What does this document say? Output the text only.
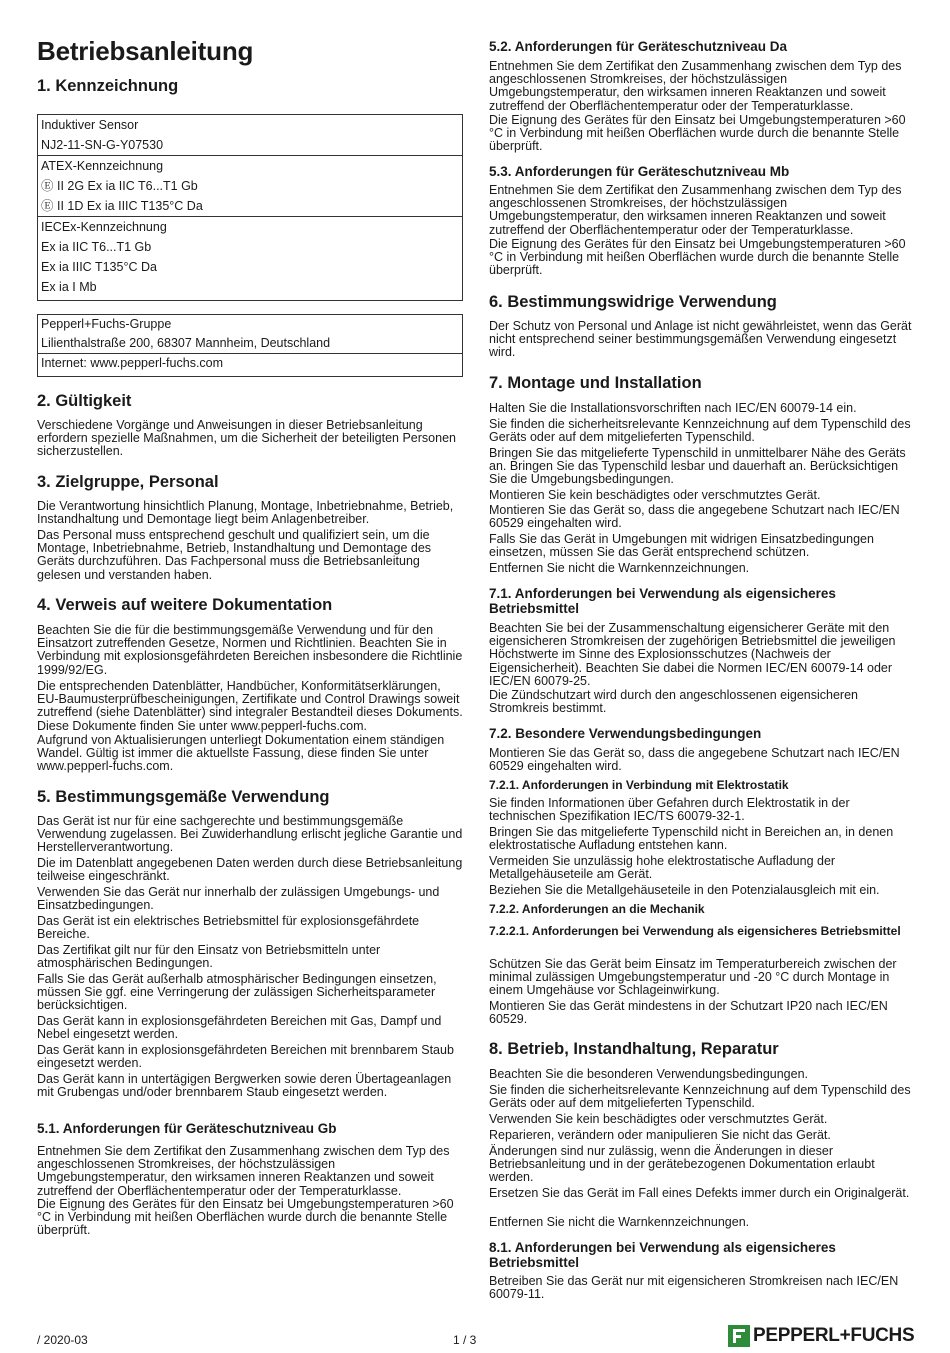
Betriebsanleitung
1. Kennzeichnung
Induktiver Sensor
NJ2-11-SN-G-Y07530
ATEX-Kennzeichnung
Ⓔ II 2G Ex ia IIC T6...T1 Gb
Ⓔ II 1D Ex ia IIIC T135°C Da
IECEx-Kennzeichnung
Ex ia IIC T6...T1 Gb
Ex ia IIIC T135°C Da
Ex ia I Mb
Pepperl+Fuchs-Gruppe
Lilienthalstraße 200, 68307 Mannheim, Deutschland
Internet: www.pepperl-fuchs.com
2. Gültigkeit

Verschiedene Vorgänge und Anweisungen in dieser Betriebsanleitung erfordern spezielle Maßnahmen, um die Sicherheit der beteiligten Personen sicherzustellen.

3. Zielgruppe, Personal

Die Verantwortung hinsichtlich Planung, Montage, Inbetriebnahme, Betrieb, Instandhaltung und Demontage liegt beim Anlagenbetreiber.

Das Personal muss entsprechend geschult und qualifiziert sein, um die Montage, Inbetriebnahme, Betrieb, Instandhaltung und Demontage des Geräts durchzuführen. Das Fachpersonal muss die Betriebsanleitung gelesen und verstanden haben.

4. Verweis auf weitere Dokumentation

Beachten Sie die für die bestimmungsgemäße Verwendung und für den Einsatzort zutreffenden Gesetze, Normen und Richtlinien. Beachten Sie in Verbindung mit explosionsgefährdeten Bereichen insbesondere die Richtlinie 1999/92/EG.

Die entsprechenden Datenblätter, Handbücher, Konformitätserklärungen, EU-Baumusterprüfbescheinigungen, Zertifikate und Control Drawings soweit zutreffend (siehe Datenblätter) sind integraler Bestandteil dieses Dokuments. Diese Dokumente finden Sie unter www.pepperl-fuchs.com.

Aufgrund von Aktualisierungen unterliegt Dokumentation einem ständigen Wandel. Gültig ist immer die aktuellste Fassung, diese finden Sie unter www.pepperl-fuchs.com.

5. Bestimmungsgemäße Verwendung

Das Gerät ist nur für eine sachgerechte und bestimmungsgemäße Verwendung zugelassen. Bei Zuwiderhandlung erlischt jegliche Garantie und Herstellerverantwortung.

Die im Datenblatt angegebenen Daten werden durch diese Betriebsanleitung teilweise eingeschränkt.

Verwenden Sie das Gerät nur innerhalb der zulässigen Umgebungs- und Einsatzbedingungen.

Das Gerät ist ein elektrisches Betriebsmittel für explosionsgefährdete Bereiche.

Das Zertifikat gilt nur für den Einsatz von Betriebsmitteln unter atmosphärischen Bedingungen.

Falls Sie das Gerät außerhalb atmosphärischer Bedingungen einsetzen, müssen Sie ggf. eine Verringerung der zulässigen Sicherheitsparameter berücksichtigen.

Das Gerät kann in explosionsgefährdeten Bereichen mit Gas, Dampf und Nebel eingesetzt werden.

Das Gerät kann in explosionsgefährdeten Bereichen mit brennbarem Staub eingesetzt werden.

Das Gerät kann in untertägigen Bergwerken sowie deren Übertageanlagen mit Grubengas und/oder brennbarem Staub eingesetzt werden.

5.1. Anforderungen für Geräteschutzniveau Gb

Entnehmen Sie dem Zertifikat den Zusammenhang zwischen dem Typ des angeschlossenen Stromkreises, der höchstzulässigen Umgebungstemperatur, den wirksamen inneren Reaktanzen und soweit zutreffend der Oberflächentemperatur oder der Temperaturklasse.

Die Eignung des Gerätes für den Einsatz bei Umgebungstemperaturen >60 °C in Verbindung mit heißen Oberflächen wurde durch die benannte Stelle überprüft.

5.2. Anforderungen für Geräteschutzniveau Da

Entnehmen Sie dem Zertifikat den Zusammenhang zwischen dem Typ des angeschlossenen Stromkreises, der höchstzulässigen Umgebungstemperatur, den wirksamen inneren Reaktanzen und soweit zutreffend der Oberflächentemperatur oder der Temperaturklasse.

Die Eignung des Gerätes für den Einsatz bei Umgebungstemperaturen >60 °C in Verbindung mit heißen Oberflächen wurde durch die benannte Stelle überprüft.

5.3. Anforderungen für Geräteschutzniveau Mb

Entnehmen Sie dem Zertifikat den Zusammenhang zwischen dem Typ des angeschlossenen Stromkreises, der höchstzulässigen Umgebungstemperatur, den wirksamen inneren Reaktanzen und soweit zutreffend der Oberflächentemperatur oder der Temperaturklasse.

Die Eignung des Gerätes für den Einsatz bei Umgebungstemperaturen >60 °C in Verbindung mit heißen Oberflächen wurde durch die benannte Stelle überprüft.

6. Bestimmungswidrige Verwendung

Der Schutz von Personal und Anlage ist nicht gewährleistet, wenn das Gerät nicht entsprechend seiner bestimmungsgemäßen Verwendung eingesetzt wird.

7. Montage und Installation

Halten Sie die Installationsvorschriften nach IEC/EN 60079-14 ein.

Sie finden die sicherheitsrelevante Kennzeichnung auf dem Typenschild des Geräts oder auf dem mitgelieferten Typenschild.

Bringen Sie das mitgelieferte Typenschild in unmittelbarer Nähe des Geräts an. Bringen Sie das Typenschild lesbar und dauerhaft an. Berücksichtigen Sie die Umgebungsbedingungen.

Montieren Sie kein beschädigtes oder verschmutztes Gerät.

Montieren Sie das Gerät so, dass die angegebene Schutzart nach IEC/EN 60529 eingehalten wird.

Falls Sie das Gerät in Umgebungen mit widrigen Einsatzbedingungen einsetzen, müssen Sie das Gerät entsprechend schützen.

Entfernen Sie nicht die Warnkennzeichnungen.

7.1. Anforderungen bei Verwendung als eigensicheres Betriebsmittel

Beachten Sie bei der Zusammenschaltung eigensicherer Geräte mit den eigensicheren Stromkreisen der zugehörigen Betriebsmittel die jeweiligen Höchstwerte im Sinne des Explosionsschutzes (Nachweis der Eigensicherheit). Beachten Sie dabei die Normen IEC/EN 60079-14 oder IEC/EN 60079-25.

Die Zündschutzart wird durch den angeschlossenen eigensicheren Stromkreis bestimmt.

7.2. Besondere Verwendungsbedingungen

Montieren Sie das Gerät so, dass die angegebene Schutzart nach IEC/EN 60529 eingehalten wird.

7.2.1. Anforderungen in Verbindung mit Elektrostatik

Sie finden Informationen über Gefahren durch Elektrostatik in der technischen Spezifikation IEC/TS 60079-32-1.

Bringen Sie das mitgelieferte Typenschild nicht in Bereichen an, in denen elektrostatische Aufladung entstehen kann.

Vermeiden Sie unzulässig hohe elektrostatische Aufladung der Metallgehäuseteile am Gerät.

Beziehen Sie die Metallgehäuseteile in den Potenzialausgleich mit ein.

7.2.2. Anforderungen an die Mechanik
7.2.2.1. Anforderungen bei Verwendung als eigensicheres Betriebsmittel

Schützen Sie das Gerät beim Einsatz im Temperaturbereich zwischen der minimal zulässigen Umgebungstemperatur und -20 °C durch Montage in einem Umgehäuse vor Schlageinwirkung.

Montieren Sie das Gerät mindestens in der Schutzart IP20 nach IEC/EN 60529.

8. Betrieb, Instandhaltung, Reparatur

Beachten Sie die besonderen Verwendungsbedingungen.

Sie finden die sicherheitsrelevante Kennzeichnung auf dem Typenschild des Geräts oder auf dem mitgelieferten Typenschild.

Verwenden Sie kein beschädigtes oder verschmutztes Gerät.

Reparieren, verändern oder manipulieren Sie nicht das Gerät.

Änderungen sind nur zulässig, wenn die Änderungen in dieser Betriebsanleitung und in der gerätebezogenen Dokumentation erlaubt werden.

Ersetzen Sie das Gerät im Fall eines Defekts immer durch ein Originalgerät.

Entfernen Sie nicht die Warnkennzeichnungen.

8.1. Anforderungen bei Verwendung als eigensicheres Betriebsmittel

Betreiben Sie das Gerät nur mit eigensicheren Stromkreisen nach IEC/EN 60079-11.

/ 2020-03	1 / 3	PEPPERL+FUCHS
